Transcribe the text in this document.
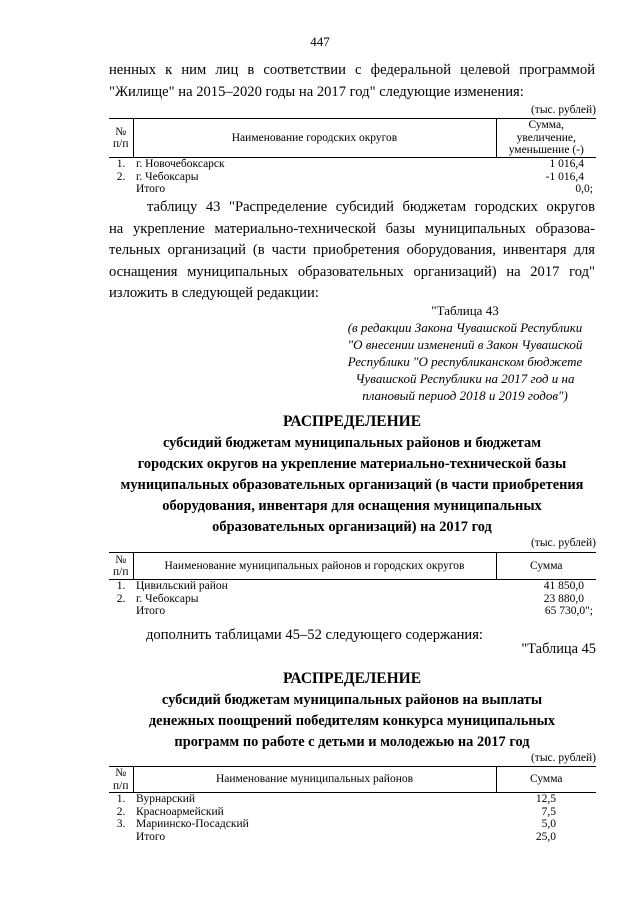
447
ненных к ним лиц в соответствии с федеральной целевой программой
"Жилище" на 2015–2020 годы на 2017 год" следующие изменения:
(тыс. рублей)
№ п/п	Наименование городских округов	Сумма, увеличение, уменьшение (-)
1.	г. Новочебоксарск	1 016,4
2.	г. Чебоксары	-1 016,4
	Итого	0,0;
таблицу 43 "Распределение субсидий бюджетам городских округов
на укрепление материально-технической базы муниципальных образова-
тельных организаций (в части приобретения оборудования, инвентаря для
оснащения муниципальных образовательных организаций) на 2017 год"
изложить в следующей редакции:
"Таблица 43
(в редакции Закона Чувашской Республики
"О внесении изменений в Закон Чувашской
Республики "О республиканском бюджете
Чувашской Республики на 2017 год и на
плановый период 2018 и 2019 годов")
РАСПРЕДЕЛЕНИЕ
субсидий бюджетам муниципальных районов и бюджетам
городских округов на укрепление материально-технической базы
муниципальных образовательных организаций (в части приобретения
оборудования, инвентаря для оснащения муниципальных
образовательных организаций) на 2017 год
(тыс. рублей)
№ п/п	Наименование муниципальных районов и городских округов	Сумма
1.	Цивильский район	41 850,0
2.	г. Чебоксары	23 880,0
	Итого	65 730,0";
дополнить таблицами 45–52 следующего содержания:
"Таблица 45
РАСПРЕДЕЛЕНИЕ
субсидий бюджетам муниципальных районов на выплаты
денежных поощрений победителям конкурса муниципальных
программ по работе с детьми и молодежью на 2017 год
(тыс. рублей)
№ п/п	Наименование муниципальных районов	Сумма
1.	Вурнарский	12,5
2.	Красноармейский	7,5
3.	Мариинско-Посадский	5,0
	Итого	25,0
